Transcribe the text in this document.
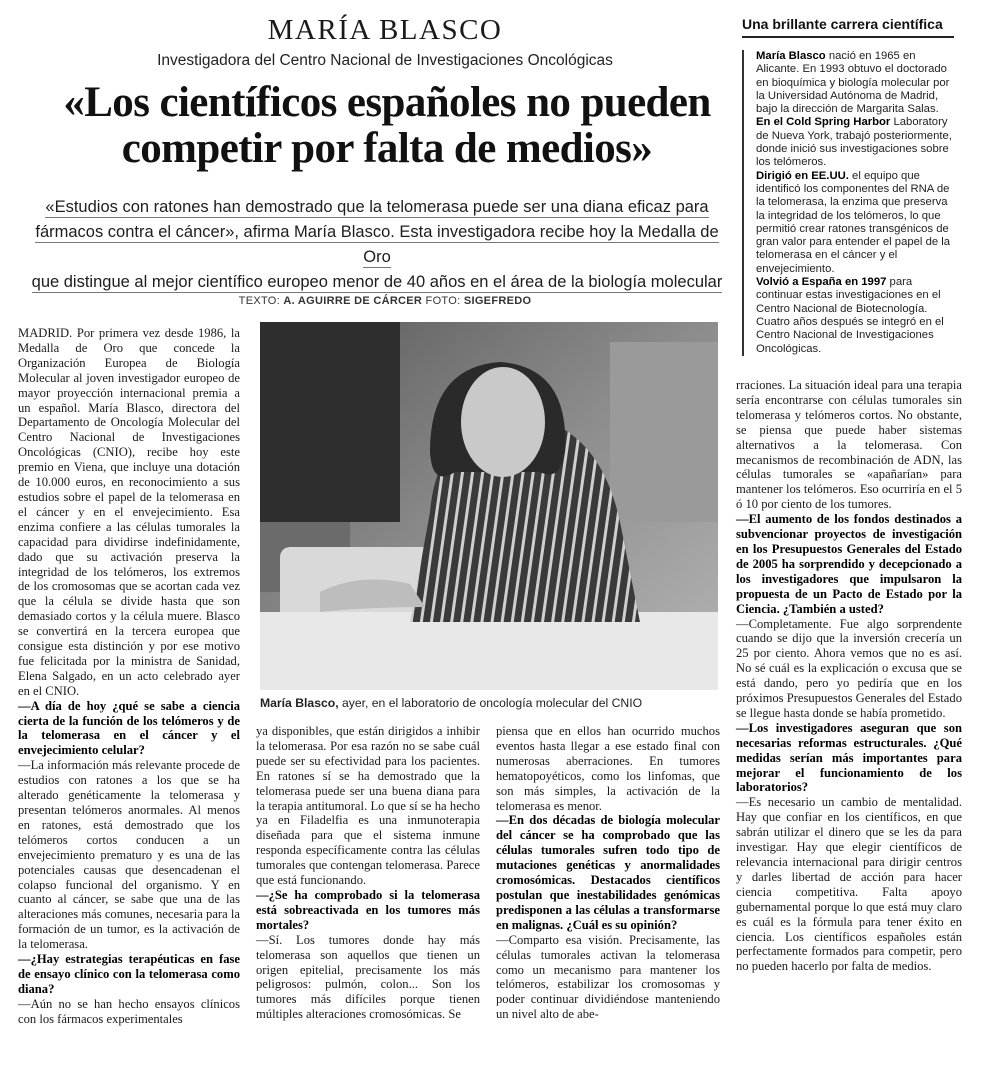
MARÍA BLASCO
Investigadora del Centro Nacional de Investigaciones Oncológicas
«Los científicos españoles no pueden
competir por falta de medios»
«Estudios con ratones han demostrado que la telomerasa puede ser una diana eficaz para
fármacos contra el cáncer», afirma María Blasco. Esta investigadora recibe hoy la Medalla de Oro
que distingue al mejor científico europeo menor de 40 años en el área de la biología molecular
TEXTO: A. AGUIRRE DE CÁRCER FOTO: SIGEFREDO
Una brillante carrera científica

María Blasco nació en 1965 en Alicante. En 1993 obtuvo el doctorado en bioquímica y biología molecular por la Universidad Autónoma de Madrid, bajo la dirección de Margarita Salas.

En el Cold Spring Harbor Laboratory de Nueva York, trabajó posteriormente, donde inició sus investigaciones sobre los telómeros.

Dirigió en EE.UU. el equipo que identificó los componentes del RNA de la telomerasa, la enzima que preserva la integridad de los telómeros, lo que permitió crear ratones transgénicos de gran valor para entender el papel de la telomerasa en el cáncer y el envejecimiento.

Volvió a España en 1997 para continuar estas investigaciones en el Centro Nacional de Biotecnología. Cuatro años después se integró en el Centro Nacional de Investigaciones Oncológicas.

María Blasco, ayer, en el laboratorio de oncología molecular del CNIO

MADRID. Por primera vez desde 1986, la Medalla de Oro que concede la Organización Europea de Biología Molecular al joven investigador europeo de mayor proyección internacional premia a un español. María Blasco, directora del Departamento de Oncología Molecular del Centro Nacional de Investigaciones Oncológicas (CNIO), recibe hoy este premio en Viena, que incluye una dotación de 10.000 euros, en reconocimiento a sus estudios sobre el papel de la telomerasa en el cáncer y en el envejecimiento. Esa enzima confiere a las células tumorales la capacidad para dividirse indefinidamente, dado que su activación preserva la integridad de los telómeros, los extremos de los cromosomas que se acortan cada vez que la célula se divide hasta que son demasiado cortos y la célula muere. Blasco se convertirá en la tercera europea que consigue esta distinción y por ese motivo fue felicitada por la ministra de Sanidad, Elena Salgado, en un acto celebrado ayer en el CNIO.

—A día de hoy ¿qué se sabe a ciencia cierta de la función de los telómeros y de la telomerasa en el cáncer y el envejecimiento celular?

—La información más relevante procede de estudios con ratones a los que se ha alterado genéticamente la telomerasa y presentan telómeros anormales. Al menos en ratones, está demostrado que los telómeros cortos conducen a un envejecimiento prematuro y es una de las potenciales causas que desencadenan el colapso funcional del organismo. Y en cuanto al cáncer, se sabe que una de las alteraciones más comunes, necesaria para la formación de un tumor, es la activación de la telomerasa.

—¿Hay estrategias terapéuticas en fase de ensayo clínico con la telomerasa como diana?

—Aún no se han hecho ensayos clínicos con los fármacos experimentales

ya disponibles, que están dirigidos a inhibir la telomerasa. Por esa razón no se sabe cuál puede ser su efectividad para los pacientes. En ratones sí se ha demostrado que la telomerasa puede ser una buena diana para la terapia antitumoral. Lo que sí se ha hecho ya en Filadelfia es una inmunoterapia diseñada para que el sistema inmune responda específicamente contra las células tumorales que contengan telomerasa. Parece que está funcionando.

—¿Se ha comprobado si la telomerasa está sobreactivada en los tumores más mortales?

—Sí. Los tumores donde hay más telomerasa son aquellos que tienen un origen epitelial, precisamente los más peligrosos: pulmón, colon... Son los tumores más difíciles porque tienen múltiples alteraciones cromosómicas. Se

piensa que en ellos han ocurrido muchos eventos hasta llegar a ese estado final con numerosas aberraciones. En tumores hematopoyéticos, como los linfomas, que son más simples, la activación de la telomerasa es menor.

—En dos décadas de biología molecular del cáncer se ha comprobado que las células tumorales sufren todo tipo de mutaciones genéticas y anormalidades cromosómicas. Destacados científicos postulan que inestabilidades genómicas predisponen a las células a transformarse en malignas. ¿Cuál es su opinión?

—Comparto esa visión. Precisamente, las células tumorales activan la telomerasa como un mecanismo para mantener los telómeros, estabilizar los cromosomas y poder continuar dividiéndose manteniendo un nivel alto de abe-

rraciones. La situación ideal para una terapia sería encontrarse con células tumorales sin telomerasa y telómeros cortos. No obstante, se piensa que puede haber sistemas alternativos a la telomerasa. Con mecanismos de recombinación de ADN, las células tumorales se «apañarían» para mantener los telómeros. Eso ocurriría en el 5 ó 10 por ciento de los tumores.

—El aumento de los fondos destinados a subvencionar proyectos de investigación en los Presupuestos Generales del Estado de 2005 ha sorprendido y decepcionado a los investigadores que impulsaron la propuesta de un Pacto de Estado por la Ciencia. ¿También a usted?

—Completamente. Fue algo sorprendente cuando se dijo que la inversión crecería un 25 por ciento. Ahora vemos que no es así. No sé cuál es la explicación o excusa que se está dando, pero yo pediría que en los próximos Presupuestos Generales del Estado se llegue hasta donde se había prometido.

—Los investigadores aseguran que son necesarias reformas estructurales. ¿Qué medidas serían más importantes para mejorar el funcionamiento de los laboratorios?

—Es necesario un cambio de mentalidad. Hay que confiar en los científicos, en que sabrán utilizar el dinero que se les da para investigar. Hay que elegir científicos de relevancia internacional para dirigir centros y darles libertad de acción para hacer ciencia competitiva. Falta apoyo gubernamental porque lo que está muy claro es cuál es la fórmula para tener éxito en ciencia. Los científicos españoles están perfectamente formados para competir, pero no pueden hacerlo por falta de medios.
